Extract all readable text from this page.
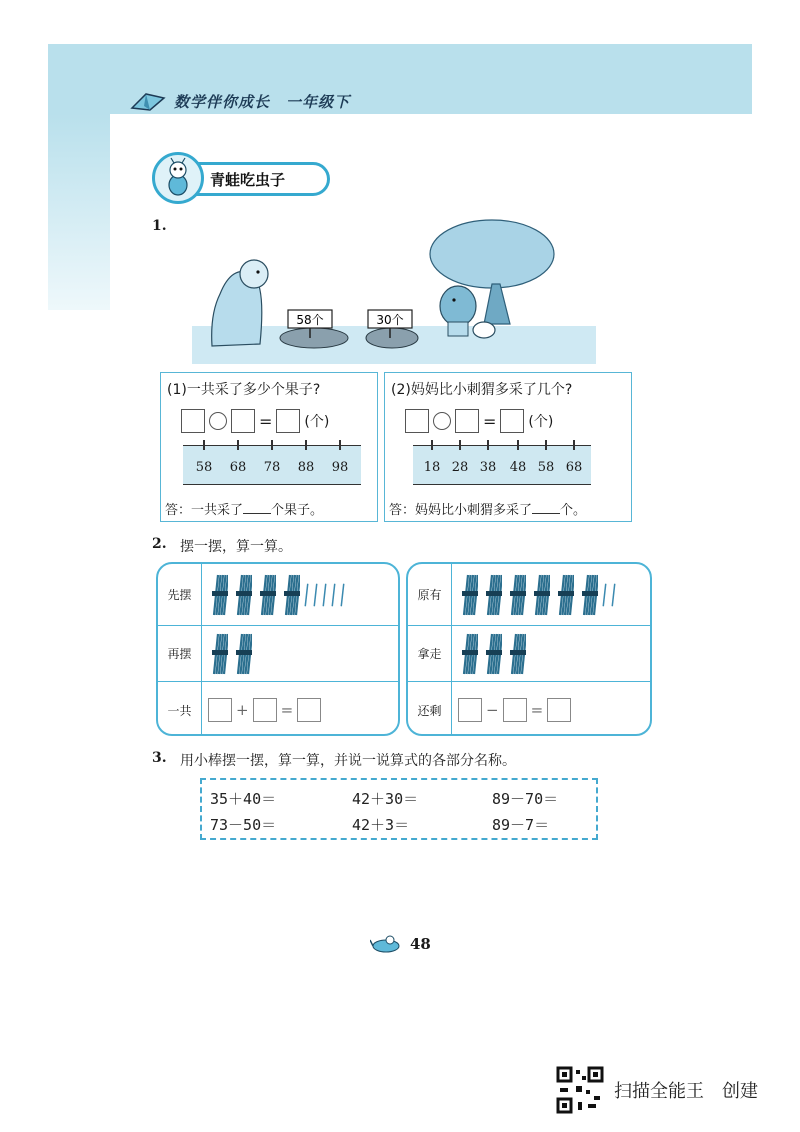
数学伴你成长　一年级下
青蛙吃虫子
1.
58个	30个
(1)一共采了多少个果子?
= (个)
58 68 78 88 98
答：一共采了 个果子。
(2)妈妈比小刺猬多采了几个?
= (个)
18 28 38 48 58 68
答：妈妈比小刺猬多采了 个。
2. 摆一摆，算一算。
先摆
再摆
一共	+ =
原有
拿走
还剩	− =
3. 用小棒摆一摆，算一算，并说一说算式的各部分名称。
35＋40＝	42＋30＝	89－70＝
73－50＝	42＋3＝	89－7＝
48
扫描全能王　创建
